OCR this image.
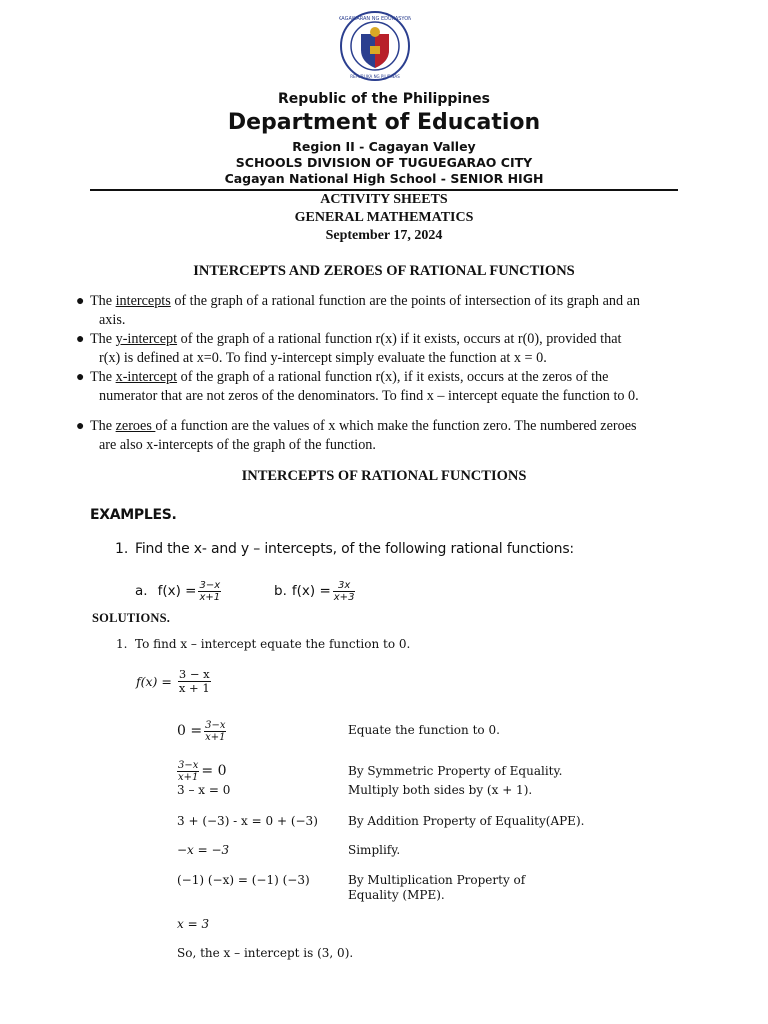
KAGAWARAN NG EDUKASYON
REPUBLIKA NG PILIPINAS
Republic of the Philippines
Department of Education
Region II - Cagayan Valley
SCHOOLS DIVISION OF TUGUEGARAO CITY
Cagayan National High School - SENIOR HIGH
ACTIVITY SHEETS
GENERAL MATHEMATICS
September 17, 2024
INTERCEPTS AND ZEROES OF RATIONAL FUNCTIONS
● The intercepts of the graph of a rational function are the points of intersection of its graph and an
axis.
● The y-intercept of the graph of a rational function r(x) if it exists, occurs at r(0), provided that
r(x) is defined at x=0. To find y-intercept simply evaluate the function at x = 0.
● The x-intercept of the graph of a rational function r(x), if it exists, occurs at the zeros of the
numerator that are not zeros of the denominators. To find x – intercept equate the function to 0.
● The zeroes of a function are the values of x which make the function zero. The numbered zeroes
are also x-intercepts of the graph of the function.
INTERCEPTS OF RATIONAL FUNCTIONS
EXAMPLES.
1. Find the x- and y – intercepts, of the following rational functions:
a. $f(x) = \frac{3-x}{x+1}$	b. $f(x) = \frac{3x}{x+3}$
SOLUTIONS.
1. To find x – intercept equate the function to 0.
$f(x) = \frac{3 - x}{x + 1}$
$0 = \frac{3-x}{x+1}$	Equate the function to 0.
$\frac{3-x}{x+1} = 0$	By Symmetric Property of Equality.
3 – x = 0	Multiply both sides by (x + 1).
3 + (−3) - x = 0 + (−3)	By Addition Property of Equality(APE).
−x = −3	Simplify.
(−1) (−x) = (−1) (−3)	By Multiplication Property of
Equality (MPE).
x = 3
So, the x – intercept is (3, 0).
